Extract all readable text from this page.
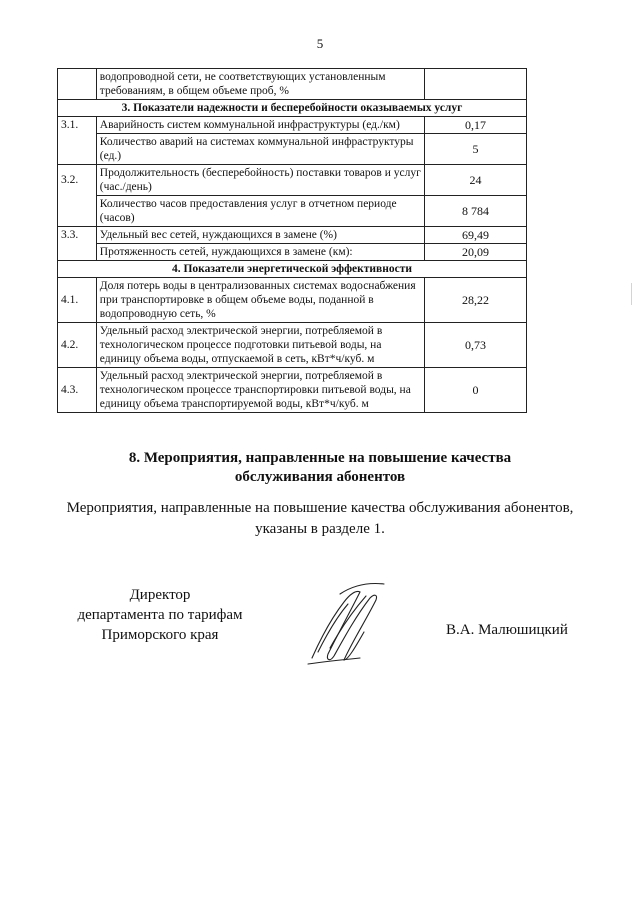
5
	водопроводной сети, не соответствующих установленным требованиям, в общем объеме проб, %	
3. Показатели надежности и бесперебойности оказываемых услуг		
3.1.	Аварийность систем коммунальной инфраструктуры (ед./км)	0,17
	Количество аварий на системах коммунальной инфраструктуры (ед.)	5
3.2.	Продолжительность (бесперебойность) поставки товаров и услуг (час./день)	24
	Количество часов предоставления услуг в отчетном периоде (часов)	8 784
3.3.	Удельный вес сетей, нуждающихся в замене (%)	69,49
	Протяженность сетей, нуждающихся в замене (км):	20,09
4. Показатели энергетической эффективности		
4.1.	Доля потерь воды в централизованных системах водоснабжения при транспортировке в общем объеме воды, поданной в водопроводную сеть, %	28,22
4.2.	Удельный расход электрической энергии, потребляемой в технологическом процессе подготовки питьевой воды, на единицу объема воды, отпускаемой в сеть, кВт*ч/куб. м	0,73
4.3.	Удельный расход электрической энергии, потребляемой в технологическом процессе транспортировки питьевой воды, на единицу объема транспортируемой воды, кВт*ч/куб. м	0
8. Мероприятия, направленные на повышение качества
обслуживания абонентов
Мероприятия, направленные на повышение качества обслуживания абонентов,
указаны в разделе 1.
Директор
департамента по тарифам
Приморского края	В.А. Малюшицкий
